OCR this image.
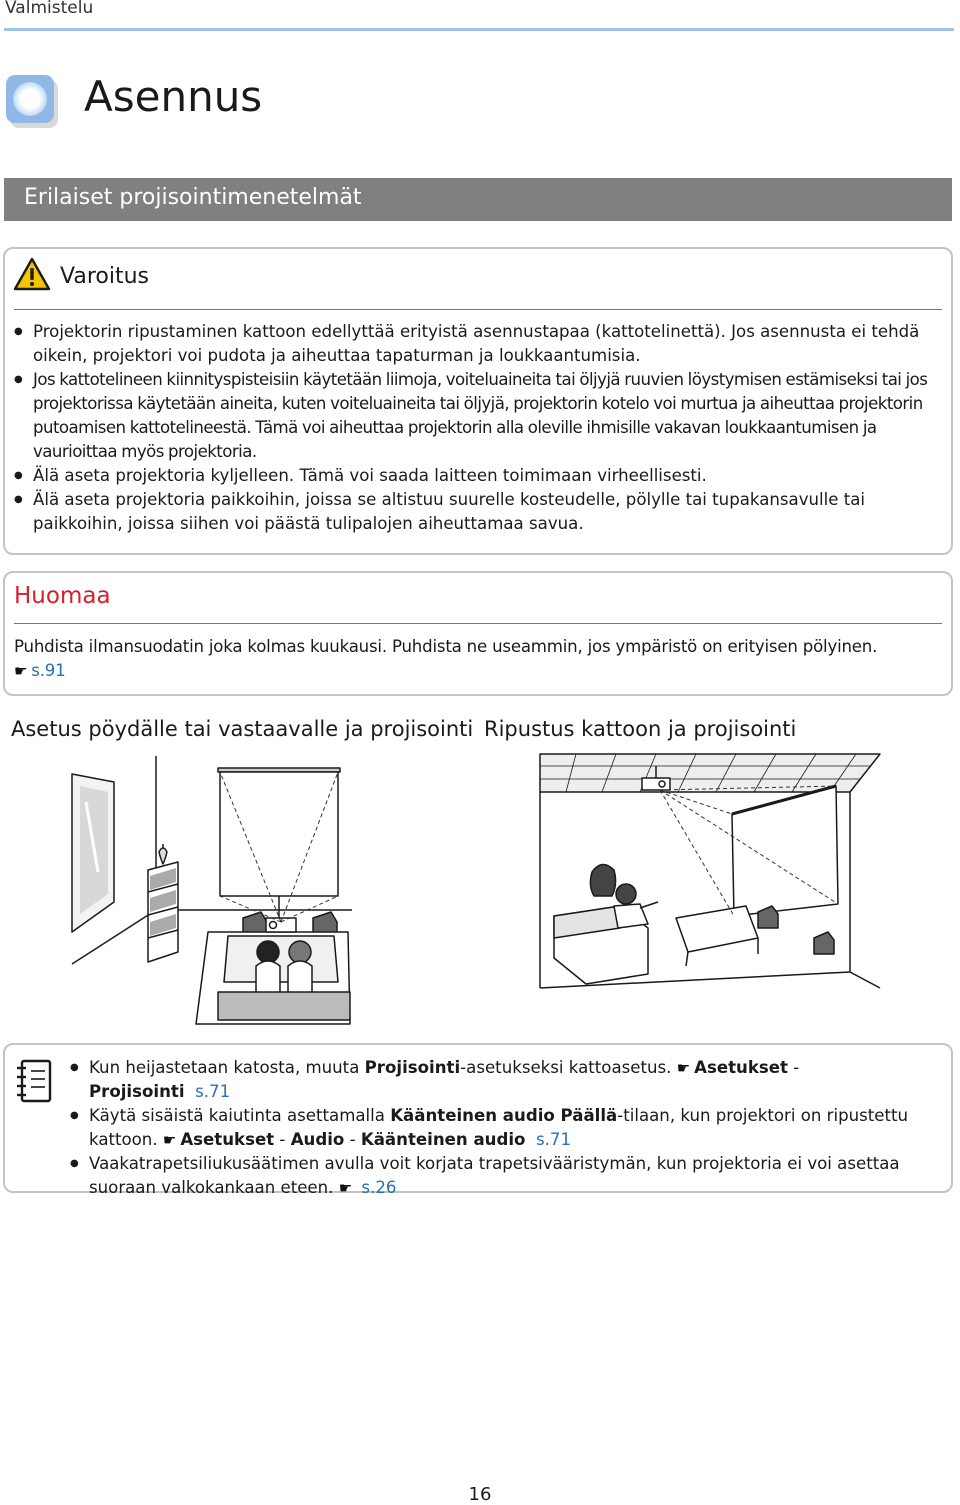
Valmistelu
Asennus
Erilaiset projisointimenetelmät
Varoitus
● Projektorin ripustaminen kattoon edellyttää erityistä asennustapaa (kattotelinettä). Jos asennusta ei tehdä oikein, projektori voi pudota ja aiheuttaa tapaturman ja loukkaantumisia.
● Jos kattotelineen kiinnityspisteisiin käytetään liimoja, voiteluaineita tai öljyjä ruuvien löystymisen estämiseksi tai jos projektorissa käytetään aineita, kuten voiteluaineita tai öljyjä, projektorin kotelo voi murtua ja aiheuttaa projektorin putoamisen kattotelineestä. Tämä voi aiheuttaa projektorin alla oleville ihmisille vakavan loukkaantumisen ja vaurioittaa myös projektoria.
● Älä aseta projektoria kyljelleen. Tämä voi saada laitteen toimimaan virheellisesti.
● Älä aseta projektoria paikkoihin, joissa se altistuu suurelle kosteudelle, pölylle tai tupakansavulle tai paikkoihin, joissa siihen voi päästä tulipalojen aiheuttamaa savua.
Huomaa
Puhdista ilmansuodatin joka kolmas kuukausi. Puhdista ne useammin, jos ympäristö on erityisen pölyinen.
☛ s.91
Asetus pöydälle tai vastaavalle ja projisointi Ripustus kattoon ja projisointi
● Kun heijastetaan katosta, muuta Projisointi-asetukseksi kattoasetus. ☛ Asetukset - Projisointi s.71
● Käytä sisäistä kaiutinta asettamalla Käänteinen audio Päällä-tilaan, kun projektori on ripustettu kattoon. ☛ Asetukset - Audio - Käänteinen audio s.71
● Vaakatrapetsiliukusäätimen avulla voit korjata trapetsivääristymän, kun projektoria ei voi asettaa suoraan valkokankaan eteen. ☛ s.26
16
